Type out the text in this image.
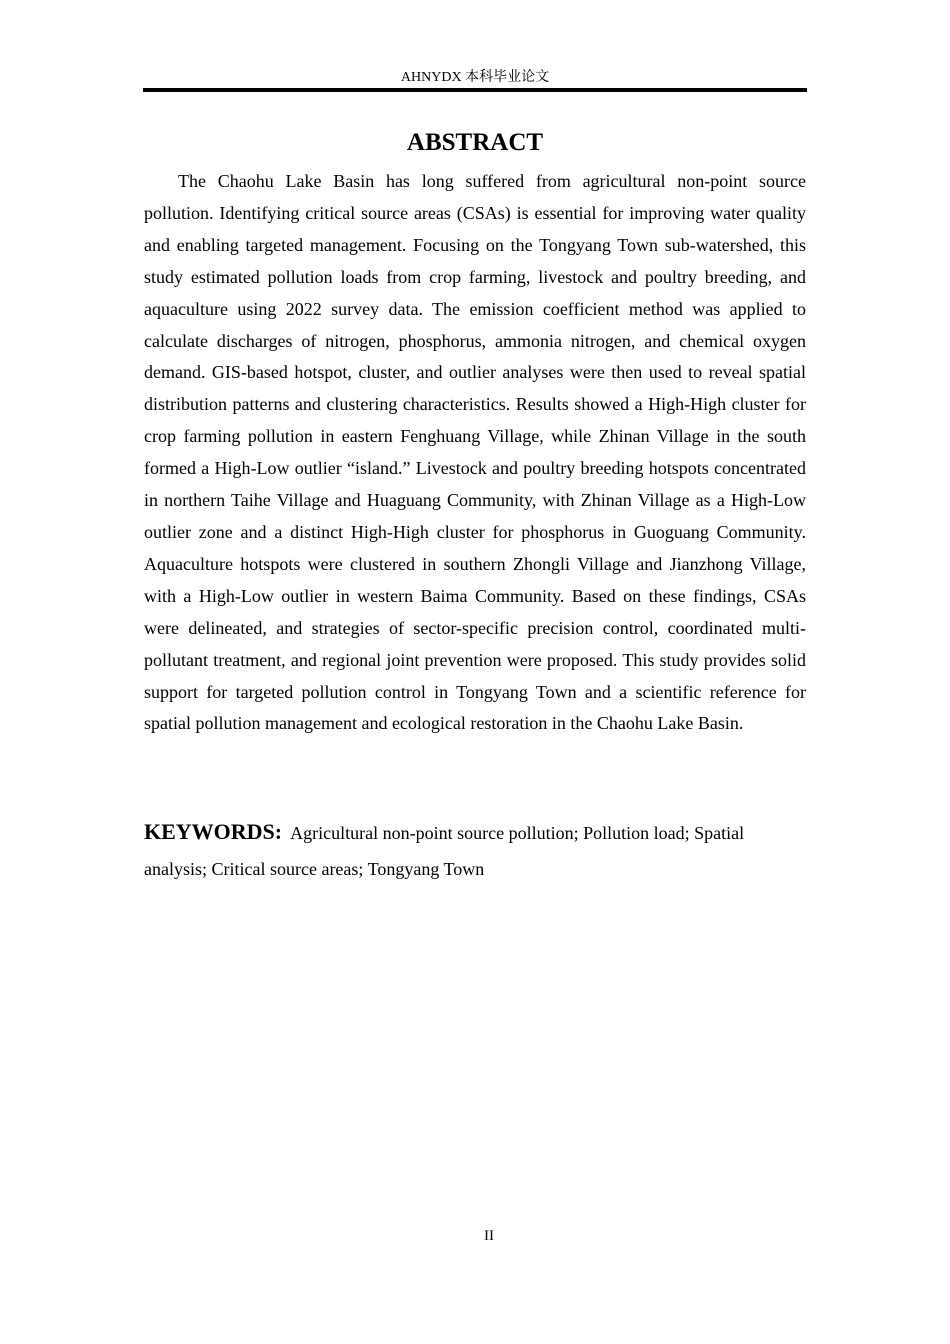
AHNYDX 本科毕业论文
ABSTRACT

The Chaohu Lake Basin has long suffered from agricultural non-point source pollution. Identifying critical source areas (CSAs) is essential for improving water quality and enabling targeted management. Focusing on the Tongyang Town sub-watershed, this study estimated pollution loads from crop farming, livestock and poultry breeding, and aquaculture using 2022 survey data. The emission coefficient method was applied to calculate discharges of nitrogen, phosphorus, ammonia nitrogen, and chemical oxygen demand. GIS-based hotspot, cluster, and outlier analyses were then used to reveal spatial distribution patterns and clustering characteristics. Results showed a High-High cluster for crop farming pollution in eastern Fenghuang Village, while Zhinan Village in the south formed a High-Low outlier “island.” Livestock and poultry breeding hotspots concentrated in northern Taihe Village and Huaguang Community, with Zhinan Village as a High-Low outlier zone and a distinct High-High cluster for phosphorus in Guoguang Community. Aquaculture hotspots were clustered in southern Zhongli Village and Jianzhong Village, with a High-Low outlier in western Baima Community. Based on these findings, CSAs were delineated, and strategies of sector-specific precision control, coordinated multi-pollutant treatment, and regional joint prevention were proposed. This study provides solid support for targeted pollution control in Tongyang Town and a scientific reference for spatial pollution management and ecological restoration in the Chaohu Lake Basin.

KEYWORDS: Agricultural non-point source pollution; Pollution load; Spatial analysis; Critical source areas; Tongyang Town

II
